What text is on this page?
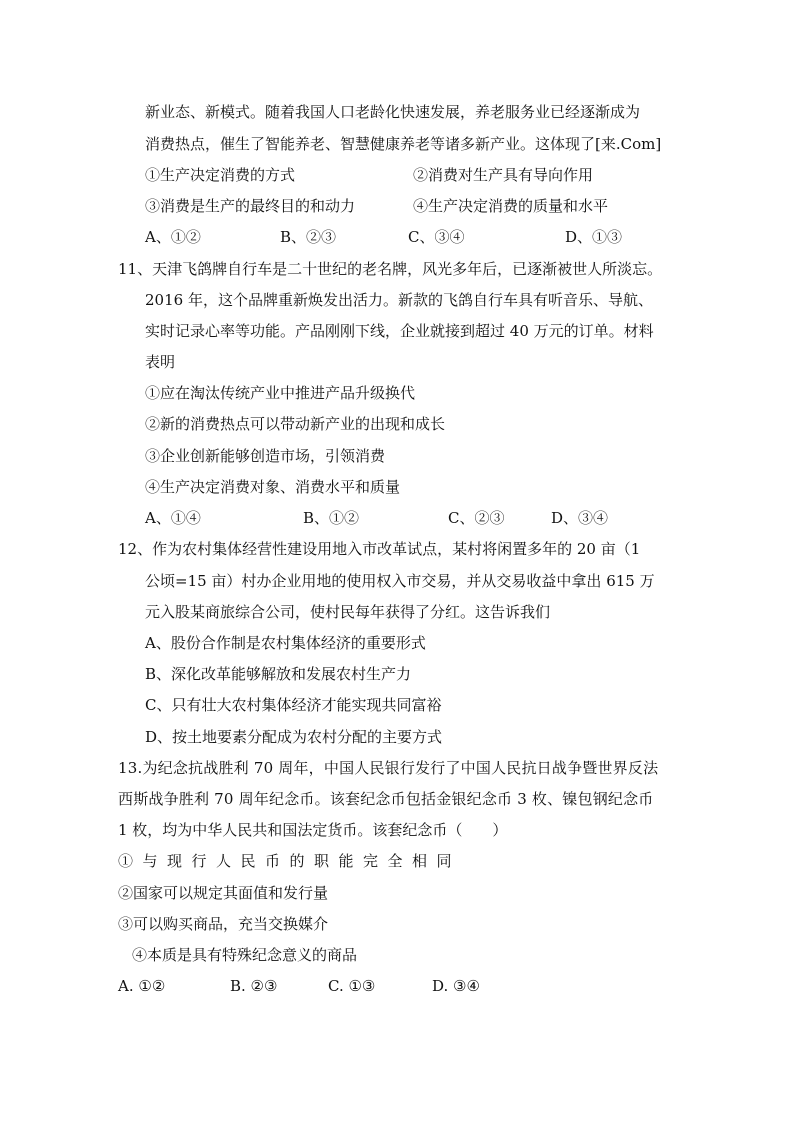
新业态、新模式。随着我国人口老龄化快速发展，养老服务业已经逐渐成为
消费热点，催生了智能养老、智慧健康养老等诸多新产业。这体现了[来.Com]
①生产决定消费的方式	②消费对生产具有导向作用
③消费是生产的最终目的和动力	④生产决定消费的质量和水平
A、①②	B、②③	C、③④	D、①③
11、天津飞鸽牌自行车是二十世纪的老名牌，风光多年后，已逐渐被世人所淡忘。
2016 年，这个品牌重新焕发出活力。新款的飞鸽自行车具有听音乐、导航、
实时记录心率等功能。产品刚刚下线，企业就接到超过 40 万元的订单。材料
表明
①应在淘汰传统产业中推进产品升级换代
②新的消费热点可以带动新产业的出现和成长
③企业创新能够创造市场，引领消费
④生产决定消费对象、消费水平和质量
A、①④	B、①②	C、②③	D、③④
12、作为农村集体经营性建设用地入市改革试点，某村将闲置多年的 20 亩（1
公顷=15 亩）村办企业用地的使用权入市交易，并从交易收益中拿出 615 万
元入股某商旅综合公司，使村民每年获得了分红。这告诉我们
A、股份合作制是农村集体经济的重要形式
B、深化改革能够解放和发展农村生产力
C、只有壮大农村集体经济才能实现共同富裕
D、按土地要素分配成为农村分配的主要方式
13.为纪念抗战胜利 70 周年，中国人民银行发行了中国人民抗日战争暨世界反法
西斯战争胜利 70 周年纪念币。该套纪念币包括金银纪念币 3 枚、镍包钢纪念币
1 枚，均为中华人民共和国法定货币。该套纪念币（　　）
①与现行人民币的职能完全相同
②国家可以规定其面值和发行量
③可以购买商品，充当交换媒介
④本质是具有特殊纪念意义的商品
A. ①②	B. ②③	C. ①③	D. ③④
